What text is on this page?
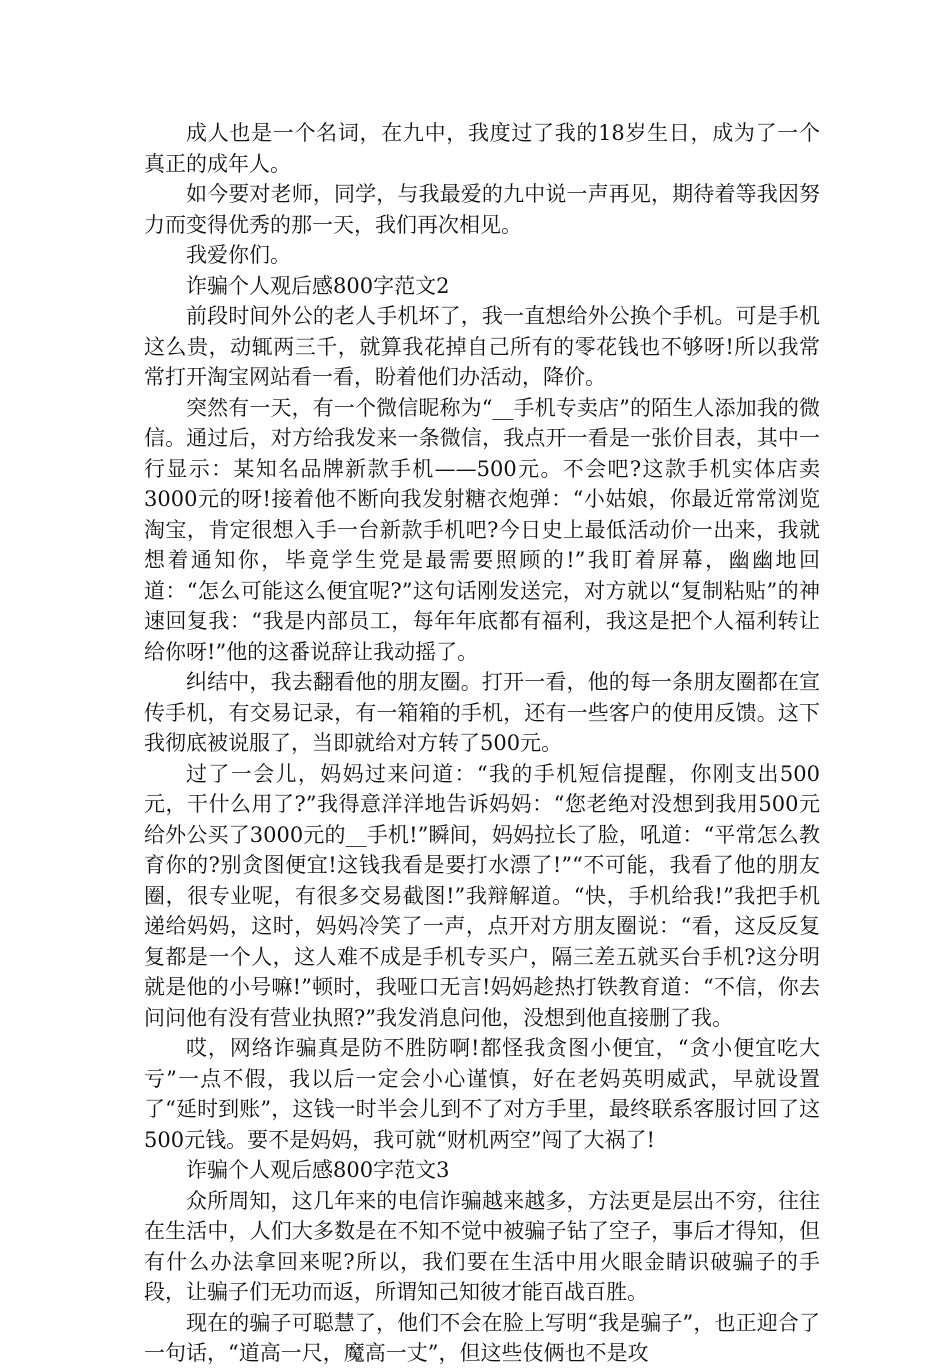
成人也是一个名词，在九中，我度过了我的18岁生日，成为了一个真正的成年人。

如今要对老师，同学，与我最爱的九中说一声再见，期待着等我因努力而变得优秀的那一天，我们再次相见。

我爱你们。

诈骗个人观后感800字范文2

前段时间外公的老人手机坏了，我一直想给外公换个手机。可是手机这么贵，动辄两三千，就算我花掉自己所有的零花钱也不够呀!所以我常常打开淘宝网站看一看，盼着他们办活动，降价。

突然有一天，有一个微信昵称为“__手机专卖店”的陌生人添加我的微信。通过后，对方给我发来一条微信，我点开一看是一张价目表，其中一行显示：某知名品牌新款手机——500元。不会吧?这款手机实体店卖3000元的呀!接着他不断向我发射糖衣炮弹：“小姑娘，你最近常常浏览淘宝，肯定很想入手一台新款手机吧?今日史上最低活动价一出来，我就想着通知你，毕竟学生党是最需要照顾的!”我盯着屏幕，幽幽地回道：“怎么可能这么便宜呢?”这句话刚发送完，对方就以“复制粘贴”的神速回复我：“我是内部员工，每年年底都有福利，我这是把个人福利转让给你呀!”他的这番说辞让我动摇了。

纠结中，我去翻看他的朋友圈。打开一看，他的每一条朋友圈都在宣传手机，有交易记录，有一箱箱的手机，还有一些客户的使用反馈。这下我彻底被说服了，当即就给对方转了500元。

过了一会儿，妈妈过来问道：“我的手机短信提醒，你刚支出500元，干什么用了?”我得意洋洋地告诉妈妈：“您老绝对没想到我用500元给外公买了3000元的__手机!”瞬间，妈妈拉长了脸，吼道：“平常怎么教育你的?别贪图便宜!这钱我看是要打水漂了!”“不可能，我看了他的朋友圈，很专业呢，有很多交易截图!”我辩解道。“快，手机给我!”我把手机递给妈妈，这时，妈妈冷笑了一声，点开对方朋友圈说：“看，这反反复复都是一个人，这人难不成是手机专买户，隔三差五就买台手机?这分明就是他的小号嘛!”顿时，我哑口无言!妈妈趁热打铁教育道：“不信，你去问问他有没有营业执照?”我发消息问他，没想到他直接删了我。

哎，网络诈骗真是防不胜防啊!都怪我贪图小便宜，“贪小便宜吃大亏”一点不假，我以后一定会小心谨慎，好在老妈英明威武，早就设置了“延时到账”，这钱一时半会儿到不了对方手里，最终联系客服讨回了这500元钱。要不是妈妈，我可就“财机两空”闯了大祸了!

诈骗个人观后感800字范文3

众所周知，这几年来的电信诈骗越来越多，方法更是层出不穷，往往在生活中，人们大多数是在不知不觉中被骗子钻了空子，事后才得知，但有什么办法拿回来呢?所以，我们要在生活中用火眼金睛识破骗子的手段，让骗子们无功而返，所谓知己知彼才能百战百胜。

现在的骗子可聪慧了，他们不会在脸上写明“我是骗子”，也正迎合了一句话，“道高一尺，魔高一丈”，但这些伎俩也不是攻
